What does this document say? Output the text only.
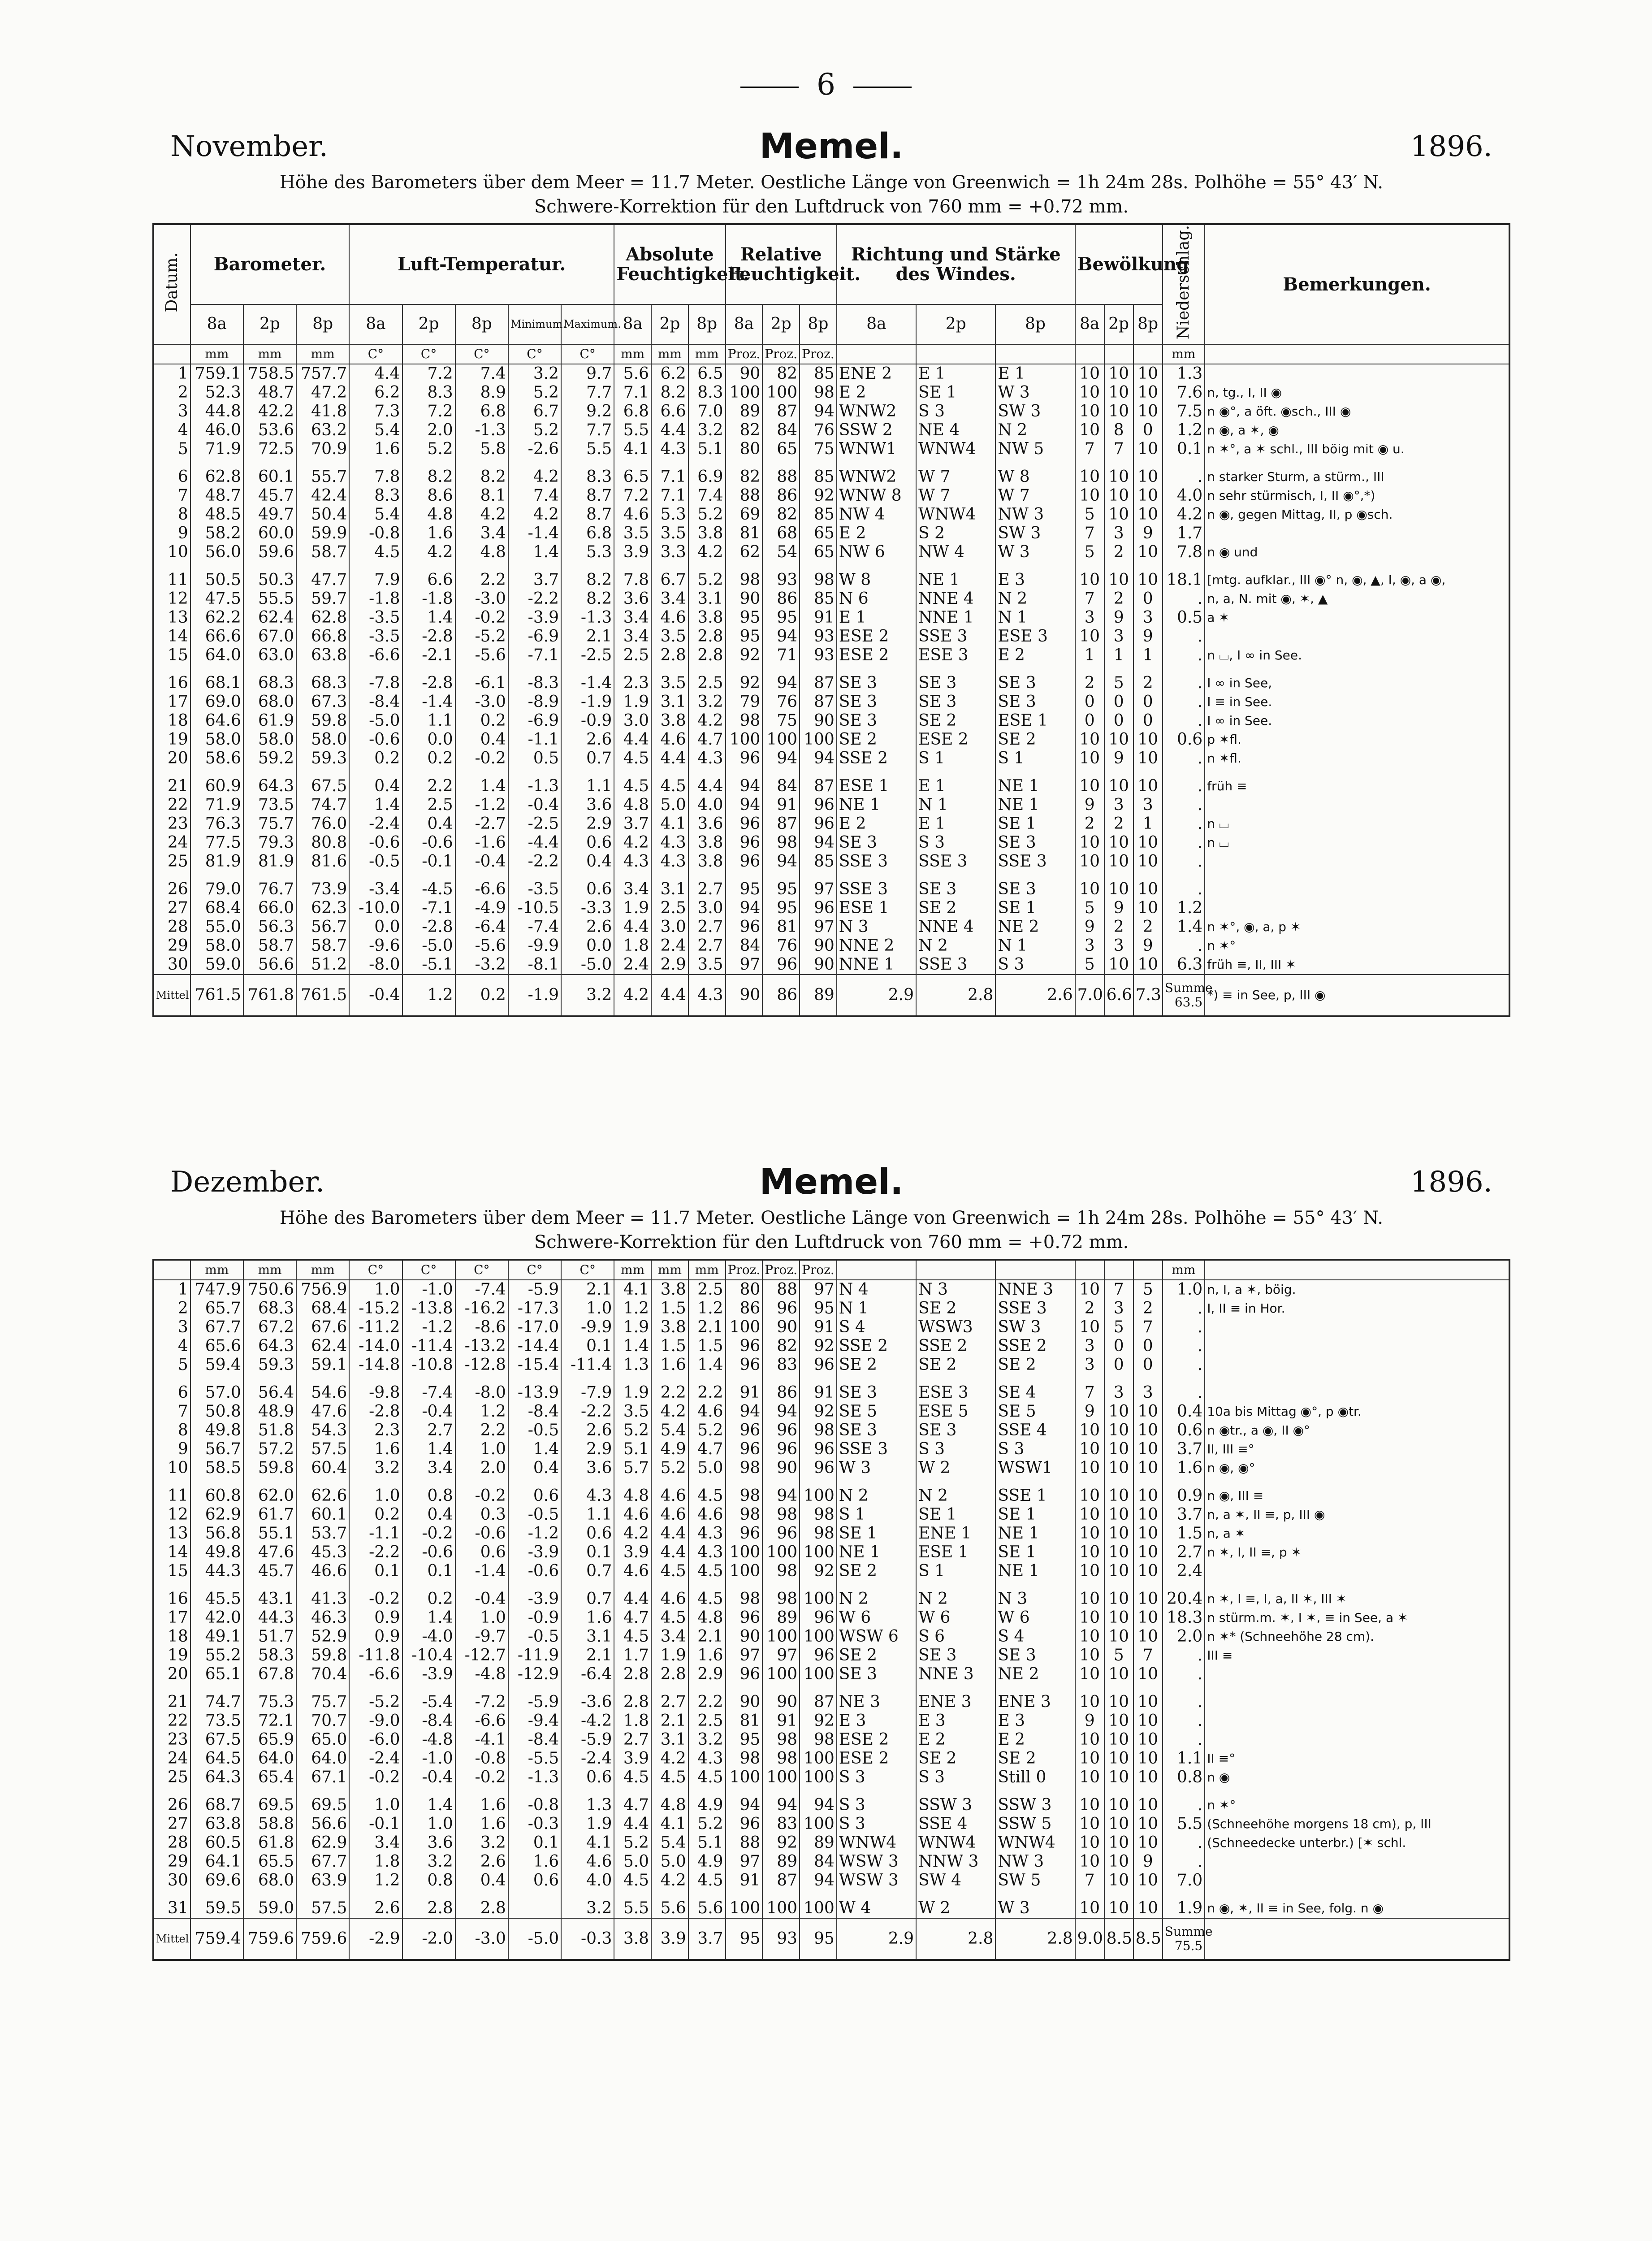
6
November.	Memel.	1896.
Höhe des Barometers über dem Meer = 11.7 Meter. Oestliche Länge von Greenwich = 1h 24m 28s. Polhöhe = 55° 43′ N.
Schwere-Korrektion für den Luftdruck von 760 mm = +0.72 mm.
Datum.	Barometer.			Luft-Temperatur.					Absolute Feuchtigkeit.			Relative Feuchtigkeit.			Richtung und Stärke des Windes.			Bewölkung			Niederschlag.	Bemerkungen.
	8a	2p	8p	8a	2p	8p	Minimum.	Maximum.	8a	2p	8p	8a	2p	8p	8a	2p	8p	8a	2p	8p		
	mm	mm	mm	C°	C°	C°	C°	C°	mm	mm	mm	Proz.	Proz.	Proz.							mm	
1	759.1	758.5	757.7	4.4	7.2	7.4	3.2	9.7	5.6	6.2	6.5	90	82	85	ENE 2	E 1	E 1	10	10	10	1.3	
2	52.3	48.7	47.2	6.2	8.3	8.9	5.2	7.7	7.1	8.2	8.3	100	100	98	E 2	SE 1	W 3	10	10	10	7.6	n, tg., I, II ◉
3	44.8	42.2	41.8	7.3	7.2	6.8	6.7	9.2	6.8	6.6	7.0	89	87	94	WNW2	S 3	SW 3	10	10	10	7.5	n ◉°, a öft. ◉sch., III ◉
4	46.0	53.6	63.2	5.4	2.0	-1.3	5.2	7.7	5.5	4.4	3.2	82	84	76	SSW 2	NE 4	N 2	10	8	0	1.2	n ◉, a ✶, ◉
5	71.9	72.5	70.9	1.6	5.2	5.8	-2.6	5.5	4.1	4.3	5.1	80	65	75	WNW1	WNW4	NW 5	7	7	10	0.1	n ✶°, a ✶ schl., III böig mit ◉ u.

6	62.8	60.1	55.7	7.8	8.2	8.2	4.2	8.3	6.5	7.1	6.9	82	88	85	WNW2	W 7	W 8	10	10	10	.	n starker Sturm, a stürm., III
7	48.7	45.7	42.4	8.3	8.6	8.1	7.4	8.7	7.2	7.1	7.4	88	86	92	WNW 8	W 7	W 7	10	10	10	4.0	n sehr stürmisch, I, II ◉°,*)
8	48.5	49.7	50.4	5.4	4.8	4.2	4.2	8.7	4.6	5.3	5.2	69	82	85	NW 4	WNW4	NW 3	5	10	10	4.2	n ◉, gegen Mittag, II, p ◉sch.
9	58.2	60.0	59.9	-0.8	1.6	3.4	-1.4	6.8	3.5	3.5	3.8	81	68	65	E 2	S 2	SW 3	7	3	9	1.7	
10	56.0	59.6	58.7	4.5	4.2	4.8	1.4	5.3	3.9	3.3	4.2	62	54	65	NW 6	NW 4	W 3	5	2	10	7.8	n ◉ und

11	50.5	50.3	47.7	7.9	6.6	2.2	3.7	8.2	7.8	6.7	5.2	98	93	98	W 8	NE 1	E 3	10	10	10	18.1	[mtg. aufklar., III ◉° n, ◉, ▲, I, ◉, a ◉,
12	47.5	55.5	59.7	-1.8	-1.8	-3.0	-2.2	8.2	3.6	3.4	3.1	90	86	85	N 6	NNE 4	N 2	7	2	0	.	n, a, N. mit ◉, ✶, ▲
13	62.2	62.4	62.8	-3.5	1.4	-0.2	-3.9	-1.3	3.4	4.6	3.8	95	95	91	E 1	NNE 1	N 1	3	9	3	0.5	a ✶
14	66.6	67.0	66.8	-3.5	-2.8	-5.2	-6.9	2.1	3.4	3.5	2.8	95	94	93	ESE 2	SSE 3	ESE 3	10	3	9	.	
15	64.0	63.0	63.8	-6.6	-2.1	-5.6	-7.1	-2.5	2.5	2.8	2.8	92	71	93	ESE 2	ESE 3	E 2	1	1	1	.	n ⌴, I ∞ in See.

16	68.1	68.3	68.3	-7.8	-2.8	-6.1	-8.3	-1.4	2.3	3.5	2.5	92	94	87	SE 3	SE 3	SE 3	2	5	2	.	I ∞ in See,
17	69.0	68.0	67.3	-8.4	-1.4	-3.0	-8.9	-1.9	1.9	3.1	3.2	79	76	87	SE 3	SE 3	SE 3	0	0	0	.	I ≡ in See.
18	64.6	61.9	59.8	-5.0	1.1	0.2	-6.9	-0.9	3.0	3.8	4.2	98	75	90	SE 3	SE 2	ESE 1	0	0	0	.	I ∞ in See.
19	58.0	58.0	58.0	-0.6	0.0	0.4	-1.1	2.6	4.4	4.6	4.7	100	100	100	SE 2	ESE 2	SE 2	10	10	10	0.6	p ✶fl.
20	58.6	59.2	59.3	0.2	0.2	-0.2	0.5	0.7	4.5	4.4	4.3	96	94	94	SSE 2	S 1	S 1	10	9	10	.	n ✶fl.

21	60.9	64.3	67.5	0.4	2.2	1.4	-1.3	1.1	4.5	4.5	4.4	94	84	87	ESE 1	E 1	NE 1	10	10	10	.	früh ≡
22	71.9	73.5	74.7	1.4	2.5	-1.2	-0.4	3.6	4.8	5.0	4.0	94	91	96	NE 1	N 1	NE 1	9	3	3	.	
23	76.3	75.7	76.0	-2.4	0.4	-2.7	-2.5	2.9	3.7	4.1	3.6	96	87	96	E 2	E 1	SE 1	2	2	1	.	n ⌴
24	77.5	79.3	80.8	-0.6	-0.6	-1.6	-4.4	0.6	4.2	4.3	3.8	96	98	94	SE 3	S 3	SE 3	10	10	10	.	n ⌴
25	81.9	81.9	81.6	-0.5	-0.1	-0.4	-2.2	0.4	4.3	4.3	3.8	96	94	85	SSE 3	SSE 3	SSE 3	10	10	10	.	

26	79.0	76.7	73.9	-3.4	-4.5	-6.6	-3.5	0.6	3.4	3.1	2.7	95	95	97	SSE 3	SE 3	SE 3	10	10	10	.	
27	68.4	66.0	62.3	-10.0	-7.1	-4.9	-10.5	-3.3	1.9	2.5	3.0	94	95	96	ESE 1	SE 2	SE 1	5	9	10	1.2	
28	55.0	56.3	56.7	0.0	-2.8	-6.4	-7.4	2.6	4.4	3.0	2.7	96	81	97	N 3	NNE 4	NE 2	9	2	2	1.4	n ✶°, ◉, a, p ✶
29	58.0	58.7	58.7	-9.6	-5.0	-5.6	-9.9	0.0	1.8	2.4	2.7	84	76	90	NNE 2	N 2	N 1	3	3	9	.	n ✶°
30	59.0	56.6	51.2	-8.0	-5.1	-3.2	-8.1	-5.0	2.4	2.9	3.5	97	96	90	NNE 1	SSE 3	S 3	5	10	10	6.3	früh ≡, II, III ✶
Mittel	761.5	761.8	761.5	-0.4	1.2	0.2	-1.9	3.2	4.2	4.4	4.3	90	86	89	2.9	2.8	2.6	7.0	6.6	7.3	Summe 63.5	*) ≡ in See, p, III ◉
Dezember.	Memel.	1896.
Höhe des Barometers über dem Meer = 11.7 Meter. Oestliche Länge von Greenwich = 1h 24m 28s. Polhöhe = 55° 43′ N.
Schwere-Korrektion für den Luftdruck von 760 mm = +0.72 mm.
	mm	mm	mm	C°	C°	C°	C°	C°	mm	mm	mm	Proz.	Proz.	Proz.							mm	
1	747.9	750.6	756.9	1.0	-1.0	-7.4	-5.9	2.1	4.1	3.8	2.5	80	88	97	N 4	N 3	NNE 3	10	7	5	1.0	n, I, a ✶, böig.
2	65.7	68.3	68.4	-15.2	-13.8	-16.2	-17.3	1.0	1.2	1.5	1.2	86	96	95	N 1	SE 2	SSE 3	2	3	2	.	I, II ≡ in Hor.
3	67.7	67.2	67.6	-11.2	-1.2	-8.6	-17.0	-9.9	1.9	3.8	2.1	100	90	91	S 4	WSW3	SW 3	10	5	7	.	
4	65.6	64.3	62.4	-14.0	-11.4	-13.2	-14.4	0.1	1.4	1.5	1.5	96	82	92	SSE 2	SSE 2	SSE 2	3	0	0	.	
5	59.4	59.3	59.1	-14.8	-10.8	-12.8	-15.4	-11.4	1.3	1.6	1.4	96	83	96	SE 2	SE 2	SE 2	3	0	0	.	

6	57.0	56.4	54.6	-9.8	-7.4	-8.0	-13.9	-7.9	1.9	2.2	2.2	91	86	91	SE 3	ESE 3	SE 4	7	3	3	.	
7	50.8	48.9	47.6	-2.8	-0.4	1.2	-8.4	-2.2	3.5	4.2	4.6	94	94	92	SE 5	ESE 5	SE 5	9	10	10	0.4	10a bis Mittag ◉°, p ◉tr.
8	49.8	51.8	54.3	2.3	2.7	2.2	-0.5	2.6	5.2	5.4	5.2	96	96	98	SE 3	SE 3	SSE 4	10	10	10	0.6	n ◉tr., a ◉, II ◉°
9	56.7	57.2	57.5	1.6	1.4	1.0	1.4	2.9	5.1	4.9	4.7	96	96	96	SSE 3	S 3	S 3	10	10	10	3.7	II, III ≡°
10	58.5	59.8	60.4	3.2	3.4	2.0	0.4	3.6	5.7	5.2	5.0	98	90	96	W 3	W 2	WSW1	10	10	10	1.6	n ◉, ◉°

11	60.8	62.0	62.6	1.0	0.8	-0.2	0.6	4.3	4.8	4.6	4.5	98	94	100	N 2	N 2	SSE 1	10	10	10	0.9	n ◉, III ≡
12	62.9	61.7	60.1	0.2	0.4	0.3	-0.5	1.1	4.6	4.6	4.6	98	98	98	S 1	SE 1	SE 1	10	10	10	3.7	n, a ✶, II ≡, p, III ◉
13	56.8	55.1	53.7	-1.1	-0.2	-0.6	-1.2	0.6	4.2	4.4	4.3	96	96	98	SE 1	ENE 1	NE 1	10	10	10	1.5	n, a ✶
14	49.8	47.6	45.3	-2.2	-0.6	0.6	-3.9	0.1	3.9	4.4	4.3	100	100	100	NE 1	ESE 1	SE 1	10	10	10	2.7	n ✶, I, II ≡, p ✶
15	44.3	45.7	46.6	0.1	0.1	-1.4	-0.6	0.7	4.6	4.5	4.5	100	98	92	SE 2	S 1	NE 1	10	10	10	2.4	

16	45.5	43.1	41.3	-0.2	0.2	-0.4	-3.9	0.7	4.4	4.6	4.5	98	98	100	N 2	N 2	N 3	10	10	10	20.4	n ✶, I ≡, I, a, II ✶, III ✶
17	42.0	44.3	46.3	0.9	1.4	1.0	-0.9	1.6	4.7	4.5	4.8	96	89	96	W 6	W 6	W 6	10	10	10	18.3	n stürm.m. ✶, I ✶, ≡ in See, a ✶
18	49.1	51.7	52.9	0.9	-4.0	-9.7	-0.5	3.1	4.5	3.4	2.1	90	100	100	WSW 6	S 6	S 4	10	10	10	2.0	n ✶* (Schneehöhe 28 cm).
19	55.2	58.3	59.8	-11.8	-10.4	-12.7	-11.9	2.1	1.7	1.9	1.6	97	97	96	SE 2	SE 3	SE 3	10	5	7	.	III ≡
20	65.1	67.8	70.4	-6.6	-3.9	-4.8	-12.9	-6.4	2.8	2.8	2.9	96	100	100	SE 3	NNE 3	NE 2	10	10	10	.	

21	74.7	75.3	75.7	-5.2	-5.4	-7.2	-5.9	-3.6	2.8	2.7	2.2	90	90	87	NE 3	ENE 3	ENE 3	10	10	10	.	
22	73.5	72.1	70.7	-9.0	-8.4	-6.6	-9.4	-4.2	1.8	2.1	2.5	81	91	92	E 3	E 3	E 3	9	10	10	.	
23	67.5	65.9	65.0	-6.0	-4.8	-4.1	-8.4	-5.9	2.7	3.1	3.2	95	98	98	ESE 2	E 2	E 2	10	10	10	.	
24	64.5	64.0	64.0	-2.4	-1.0	-0.8	-5.5	-2.4	3.9	4.2	4.3	98	98	100	ESE 2	SE 2	SE 2	10	10	10	1.1	II ≡°
25	64.3	65.4	67.1	-0.2	-0.4	-0.2	-1.3	0.6	4.5	4.5	4.5	100	100	100	S 3	S 3	Still 0	10	10	10	0.8	n ◉

26	68.7	69.5	69.5	1.0	1.4	1.6	-0.8	1.3	4.7	4.8	4.9	94	94	94	S 3	SSW 3	SSW 3	10	10	10	.	n ✶°
27	63.8	58.8	56.6	-0.1	1.0	1.6	-0.3	1.9	4.4	4.1	5.2	96	83	100	S 3	SSE 4	SSW 5	10	10	10	5.5	(Schneehöhe morgens 18 cm), p, III
28	60.5	61.8	62.9	3.4	3.6	3.2	0.1	4.1	5.2	5.4	5.1	88	92	89	WNW4	WNW4	WNW4	10	10	10	.	(Schneedecke unterbr.) [✶ schl.
29	64.1	65.5	67.7	1.8	3.2	2.6	1.6	4.6	5.0	5.0	4.9	97	89	84	WSW 3	NNW 3	NW 3	10	10	9	.	
30	69.6	68.0	63.9	1.2	0.8	0.4	0.6	4.0	4.5	4.2	4.5	91	87	94	WSW 3	SW 4	SW 5	7	10	10	7.0	

31	59.5	59.0	57.5	2.6	2.8	2.8		3.2	5.5	5.6	5.6	100	100	100	W 4	W 2	W 3	10	10	10	1.9	n ◉, ✶, II ≡ in See, folg. n ◉
Mittel	759.4	759.6	759.6	-2.9	-2.0	-3.0	-5.0	-0.3	3.8	3.9	3.7	95	93	95	2.9	2.8	2.8	9.0	8.5	8.5	Summe 75.5	
